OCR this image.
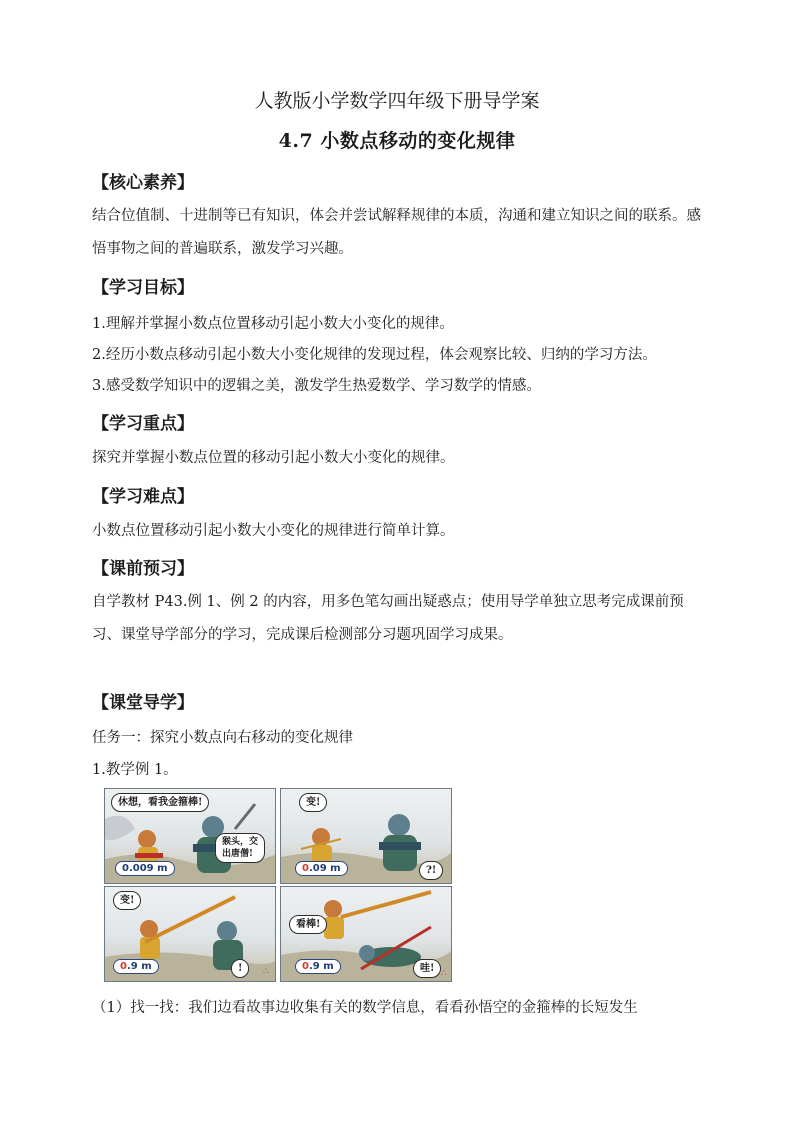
人教版小学数学四年级下册导学案
4.7 小数点移动的变化规律
【核心素养】
结合位值制、十进制等已有知识，体会并尝试解释规律的本质，沟通和建立知识之间的联系。感悟事物之间的普遍联系，激发学习兴趣。
【学习目标】
1.理解并掌握小数点位置移动引起小数大小变化的规律。
2.经历小数点移动引起小数大小变化规律的发现过程，体会观察比较、归纳的学习方法。
3.感受数学知识中的逻辑之美，激发学生热爱数学、学习数学的情感。
【学习重点】
探究并掌握小数点位置的移动引起小数大小变化的规律。
【学习难点】
小数点位置移动引起小数大小变化的规律进行简单计算。
【课前预习】
自学教材 P43.例 1、例 2 的内容，用多色笔勾画出疑惑点；使用导学单独立思考完成课前预习、课堂导学部分的学习，完成课后检测部分习题巩固学习成果。
【课堂导学】
任务一：探究小数点向右移动的变化规律
1.教学例 1。
休想，看我金箍棒!
猴头，交
出唐僧!
0.009 m
变!
?!
0.09 m
变!
!
0.9 m	∴
看棒!
哇!
0.9 m
∴
（1）找一找：我们边看故事边收集有关的数学信息，看看孙悟空的金箍棒的长短发生
